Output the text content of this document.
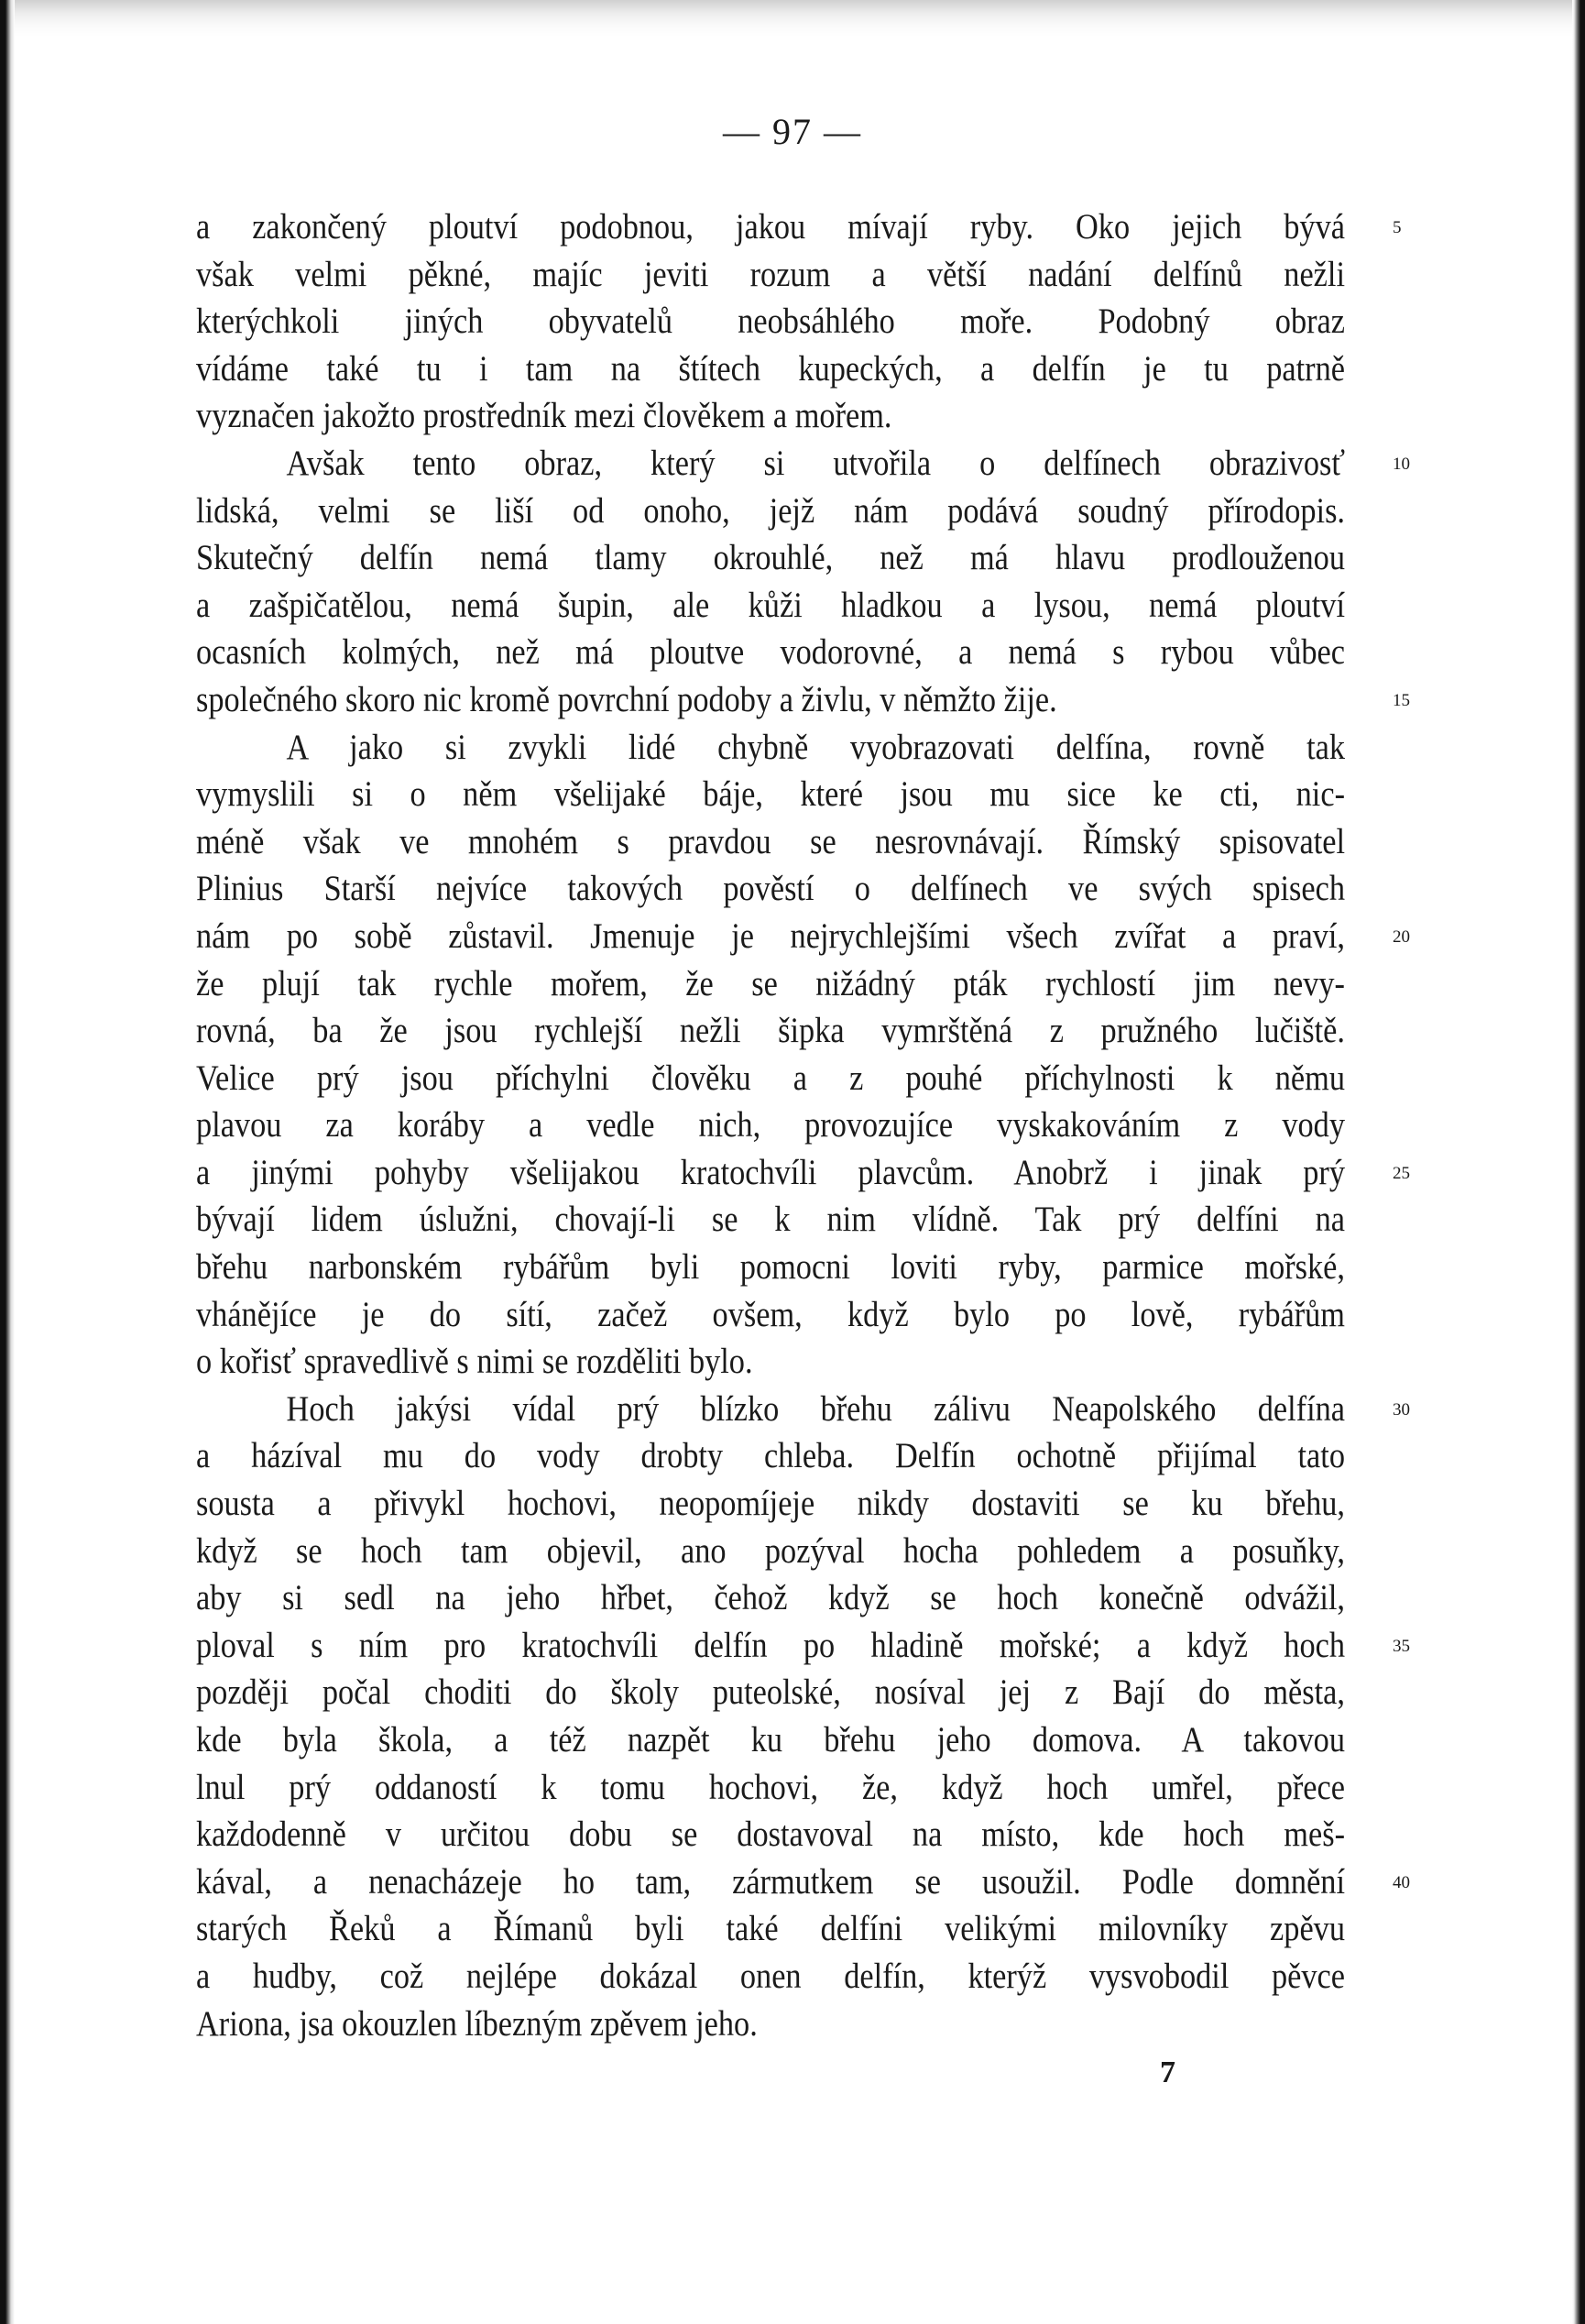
— 97 —
a zakončený ploutví podobnou, jakou mívají ryby. Oko jejich bývá
však velmi pěkné, majíc jeviti rozum a větší nadání delfínů nežli
kterýchkoli jiných obyvatelů neobsáhlého moře. Podobný obraz
vídáme také tu i tam na štítech kupeckých, a delfín je tu patrně
vyznačen jakožto prostředník mezi člověkem a mořem.
Avšak tento obraz, který si utvořila o delfínech obrazivosť
lidská, velmi se liší od onoho, jejž nám podává soudný přírodopis.
Skutečný delfín nemá tlamy okrouhlé, než má hlavu prodlouženou
a zašpičatělou, nemá šupin, ale kůži hladkou a lysou, nemá ploutví
ocasních kolmých, než má ploutve vodorovné, a nemá s rybou vůbec
společného skoro nic kromě povrchní podoby a živlu, v němžto žije.
A jako si zvykli lidé chybně vyobrazovati delfína, rovně tak
vymyslili si o něm všelijaké báje, které jsou mu sice ke cti, nic-
méně však ve mnohém s pravdou se nesrovnávají. Římský spisovatel
Plinius Starší nejvíce takových pověstí o delfínech ve svých spisech
nám po sobě zůstavil. Jmenuje je nejrychlejšími všech zvířat a praví,
že plují tak rychle mořem, že se nižádný pták rychlostí jim nevy-
rovná, ba že jsou rychlejší nežli šipka vymrštěná z pružného lučiště.
Velice prý jsou příchylni člověku a z pouhé příchylnosti k němu
plavou za koráby a vedle nich, provozujíce vyskakováním z vody
a jinými pohyby všelijakou kratochvíli plavcům. Anobrž i jinak prý
bývají lidem úslužni, chovají-li se k nim vlídně. Tak prý delfíni na
břehu narbonském rybářům byli pomocni loviti ryby, parmice mořské,
vhánějíce je do sítí, začež ovšem, když bylo po lově, rybářům
o kořisť spravedlivě s nimi se rozděliti bylo.
Hoch jakýsi vídal prý blízko břehu zálivu Neapolského delfína
a házíval mu do vody drobty chleba. Delfín ochotně přijímal tato
sousta a přivykl hochovi, neopomíjeje nikdy dostaviti se ku břehu,
když se hoch tam objevil, ano pozýval hocha pohledem a posuňky,
aby si sedl na jeho hřbet, čehož když se hoch konečně odvážil,
ploval s ním pro kratochvíli delfín po hladině mořské; a když hoch
později počal choditi do školy puteolské, nosíval jej z Bají do města,
kde byla škola, a též nazpět ku břehu jeho domova. A takovou
lnul prý oddaností k tomu hochovi, že, když hoch umřel, přece
každodenně v určitou dobu se dostavoval na místo, kde hoch meš-
kával, a nenacházeje ho tam, zármutkem se usoužil. Podle domnění
starých Řeků a Římanů byli také delfíni velikými milovníky zpěvu
a hudby, což nejlépe dokázal onen delfín, kterýž vysvobodil pěvce
Ariona, jsa okouzlen líbezným zpěvem jeho.
5
10
15
20
25
30
35
40
7
